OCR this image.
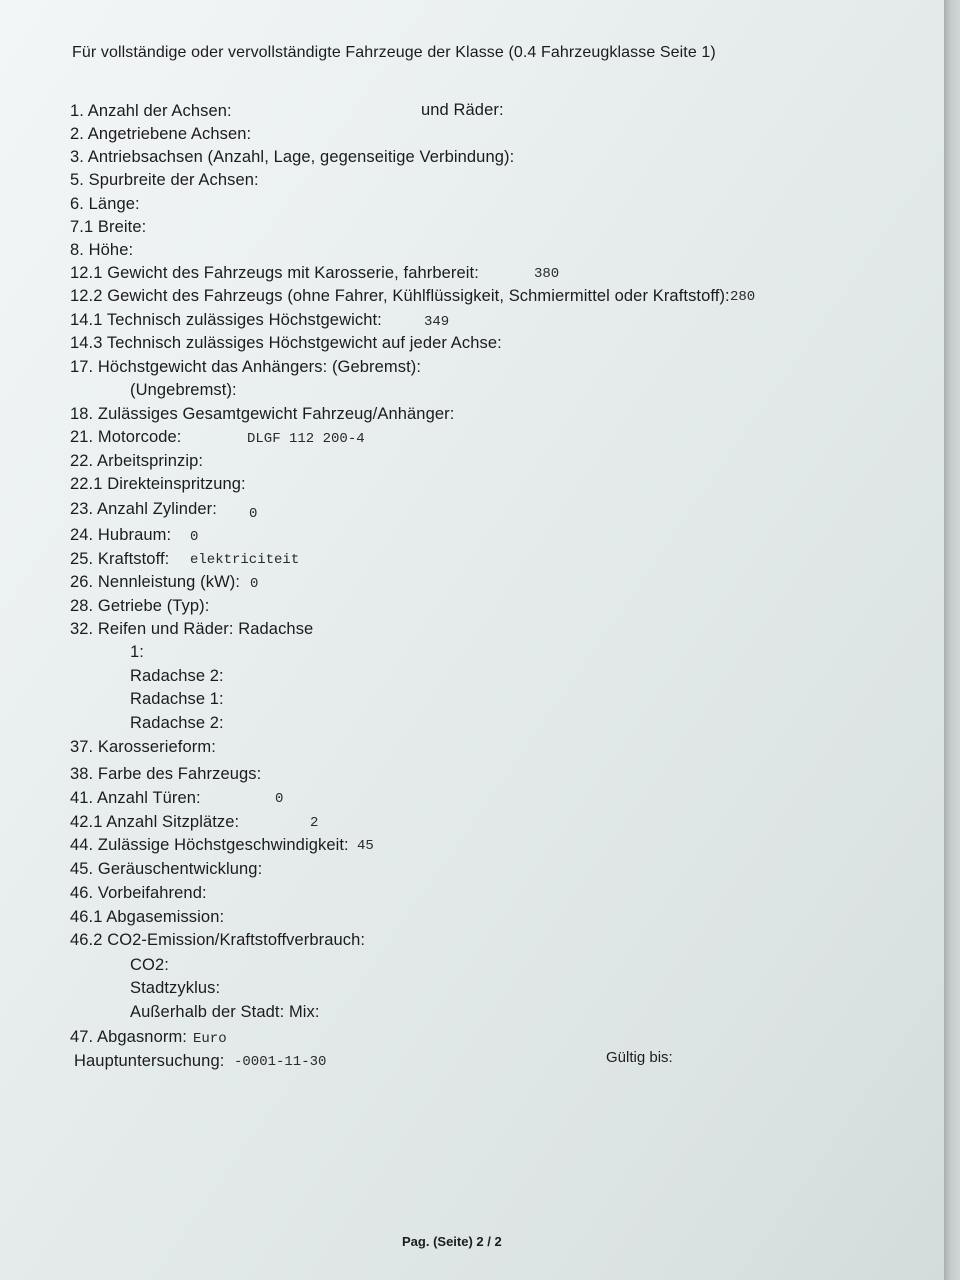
Für vollständige oder vervollständigte Fahrzeuge der Klasse (0.4 Fahrzeugklasse Seite 1)
1. Anzahl der Achsen:	und Räder:
2. Angetriebene Achsen:
3. Antriebsachsen (Anzahl, Lage, gegenseitige Verbindung):
5. Spurbreite der Achsen:
6. Länge:
7.1 Breite:
8. Höhe:
12.1 Gewicht des Fahrzeugs mit Karosserie, fahrbereit:	380
12.2 Gewicht des Fahrzeugs (ohne Fahrer, Kühlflüssigkeit, Schmiermittel oder Kraftstoff): 280
14.1 Technisch zulässiges Höchstgewicht:	349
14.3 Technisch zulässiges Höchstgewicht auf jeder Achse:
17. Höchstgewicht das Anhängers: (Gebremst):
(Ungebremst):
18. Zulässiges Gesamtgewicht Fahrzeug/Anhänger:
21. Motorcode:	DLGF 112 200-4
22. Arbeitsprinzip:
22.1 Direkteinspritzung:
23. Anzahl Zylinder: 0
24. Hubraum: 0
25. Kraftstoff: elektriciteit
26. Nennleistung (kW): 0
28. Getriebe (Typ):
32. Reifen und Räder: Radachse
1:
Radachse 2:
Radachse 1:
Radachse 2:
37. Karosserieform:
38. Farbe des Fahrzeugs:
41. Anzahl Türen:	0
42.1 Anzahl Sitzplätze:	2
44. Zulässige Höchstgeschwindigkeit: 45
45. Geräuschentwicklung:
46. Vorbeifahrend:
46.1 Abgasemission:
46.2 CO2-Emission/Kraftstoffverbrauch:
CO2:
Stadtzyklus:
Außerhalb der Stadt: Mix:
47. Abgasnorm: Euro
Hauptuntersuchung: -0001-11-30	Gültig bis:
Pag. (Seite) 2 / 2
